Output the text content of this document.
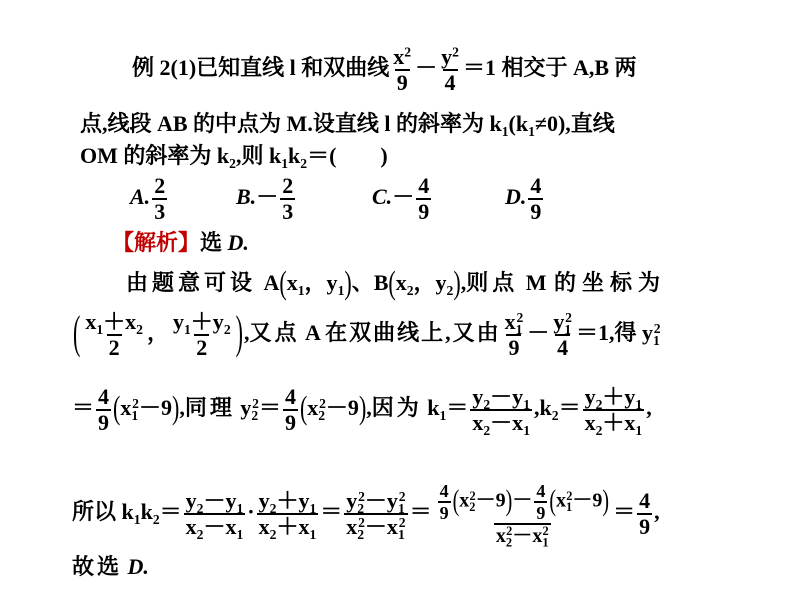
例 2(1)已知直线 l 和双曲线 $\frac{x^2}{9} - \frac{y^2}{4} =1$ 相交于 A,B 两
点,线段 AB 的中点为 M.设直线 l 的斜率为 $k_1(k_1\ne 0)$,直线
OM 的斜率为 $k_2$,则 $k_1k_2=$(　　)
A. $\frac{2}{3}$	$B.- \frac{2}{3}$	$C.- \frac{4}{9}$	D. $\frac{4}{9}$
【解析】选 D.
由题意可设 $A(x_1$，$y_1$)、$B(x_2$，$y_2$),则点 M 的坐标为
( $\frac{x_1+x_2}{2}$ ， $\frac{y_1+y_2}{2}$ ),又点 A 在双曲线上,又由 $\frac{x_1^2}{9} - \frac{y_1^2}{4} =1$,得 $y_1^2$
＝ $\frac{4}{9} (x_1^2-9)$,同理 $y_2^2= \frac{4}{9} (x_2^2-9)$,因为 $k_1= \frac{y_2-y_1}{x_2-x_1} ,k_2= \frac{y_2+y_1}{x_2+x_1}$ ,
所以 $k_1k_2= \frac{y_2-y_1}{x_2-x_1} \cdot \frac{y_2+y_1}{x_2+x_1} = \frac{y_2^2-y_1^2}{x_2^2-x_1^2} = \frac{\frac{4}{9} (x_2^2-9)- \frac{4}{9} (x_1^2-9)}{x_2^2-x_1^2} = \frac{4}{9}$ ,
故选 D.
